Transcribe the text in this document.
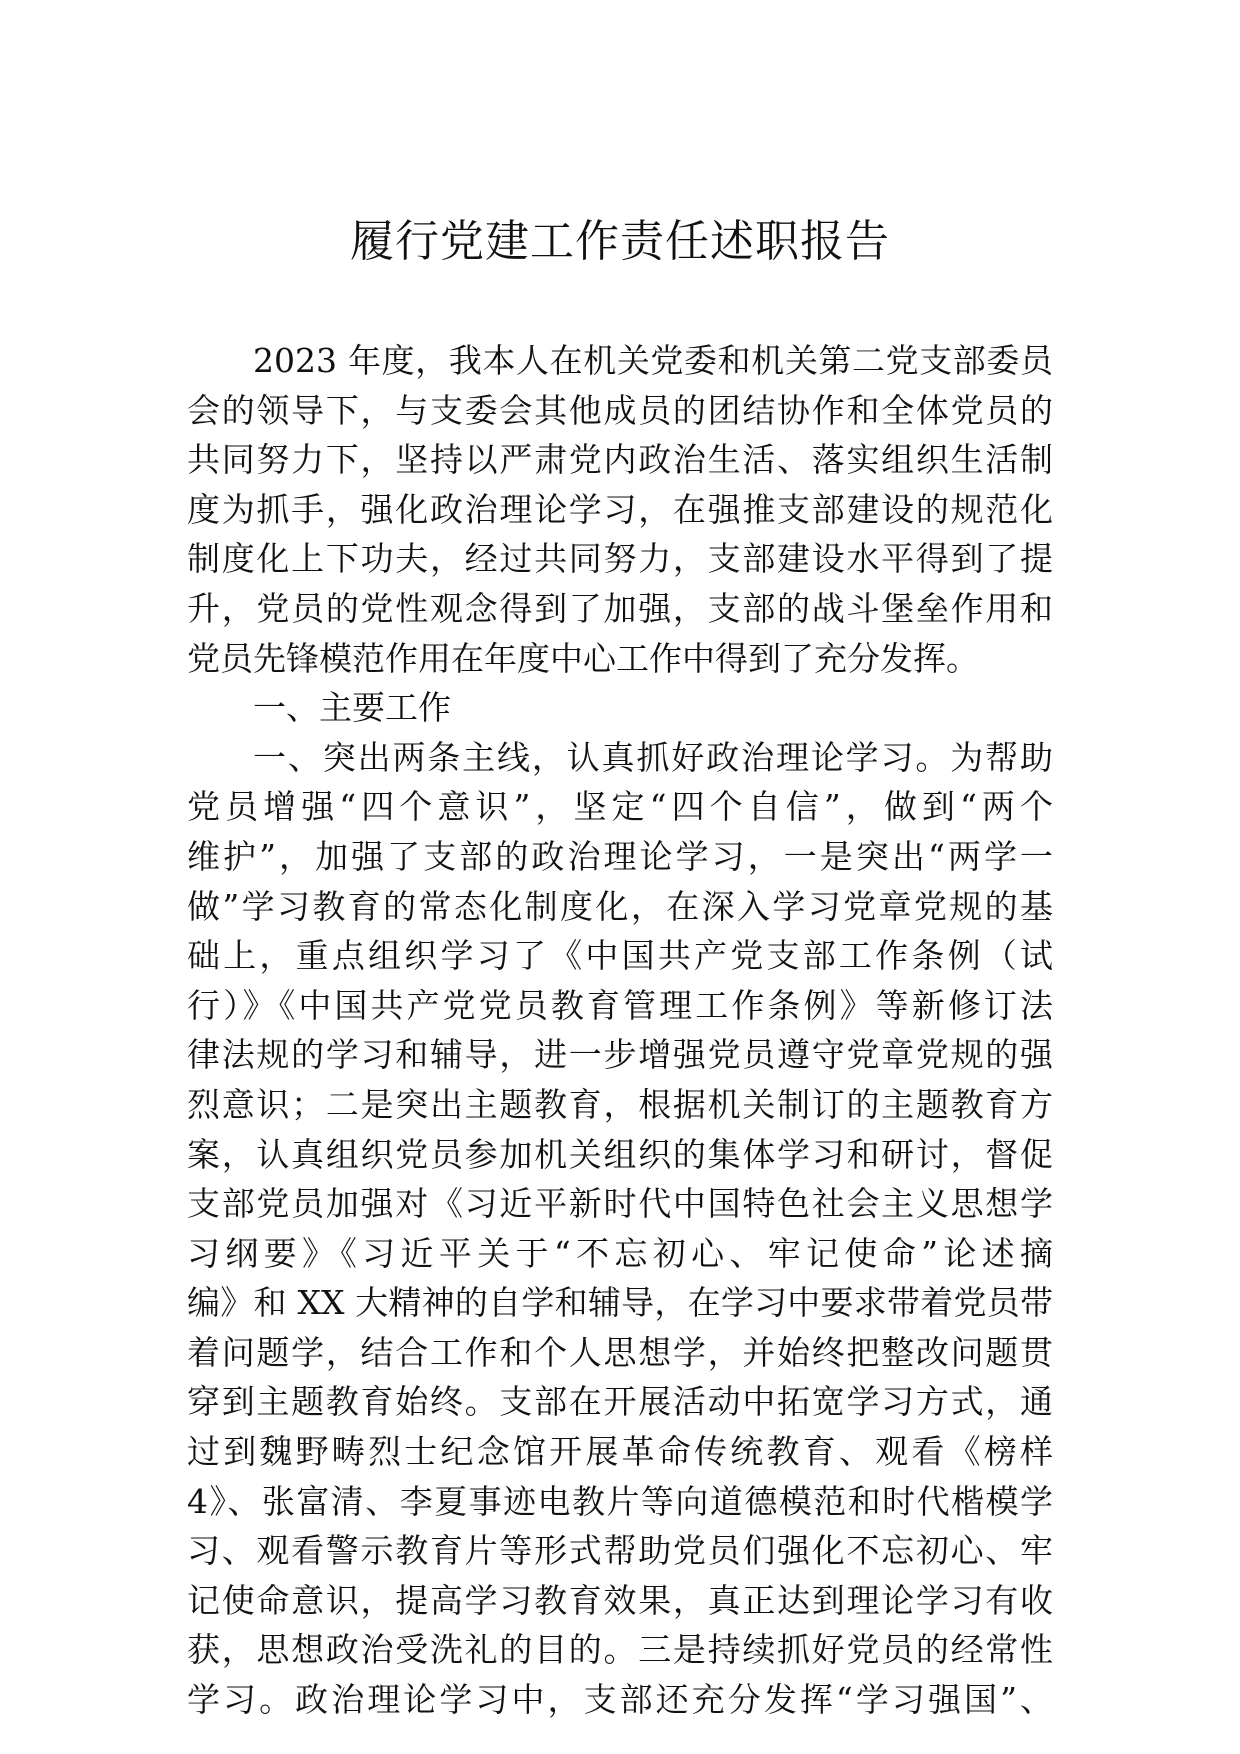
履行党建工作责任述职报告
2023 年度，我本人在机关党委和机关第二党支部委员
会的领导下，与支委会其他成员的团结协作和全体党员的
共同努力下，坚持以严肃党内政治生活、落实组织生活制
度为抓手，强化政治理论学习，在强推支部建设的规范化
制度化上下功夫，经过共同努力，支部建设水平得到了提
升，党员的党性观念得到了加强，支部的战斗堡垒作用和
党员先锋模范作用在年度中心工作中得到了充分发挥。
一、主要工作
一、突出两条主线，认真抓好政治理论学习。为帮助
党员增强“四个意识”，坚定“四个自信”，做到“两个
维护”，加强了支部的政治理论学习，一是突出“两学一
做”学习教育的常态化制度化，在深入学习党章党规的基
础上，重点组织学习了《中国共产党支部工作条例（试
行）》《中国共产党党员教育管理工作条例》等新修订法
律法规的学习和辅导，进一步增强党员遵守党章党规的强
烈意识；二是突出主题教育，根据机关制订的主题教育方
案，认真组织党员参加机关组织的集体学习和研讨，督促
支部党员加强对《习近平新时代中国特色社会主义思想学
习纲要》《习近平关于“不忘初心、牢记使命”论述摘
编》和 XX 大精神的自学和辅导，在学习中要求带着党员带
着问题学，结合工作和个人思想学，并始终把整改问题贯
穿到主题教育始终。支部在开展活动中拓宽学习方式，通
过到魏野畴烈士纪念馆开展革命传统教育、观看《榜样
4》、张富清、李夏事迹电教片等向道德模范和时代楷模学
习、观看警示教育片等形式帮助党员们强化不忘初心、牢
记使命意识，提高学习教育效果，真正达到理论学习有收
获，思想政治受洗礼的目的。三是持续抓好党员的经常性
学习。政治理论学习中，支部还充分发挥“学习强国”、
